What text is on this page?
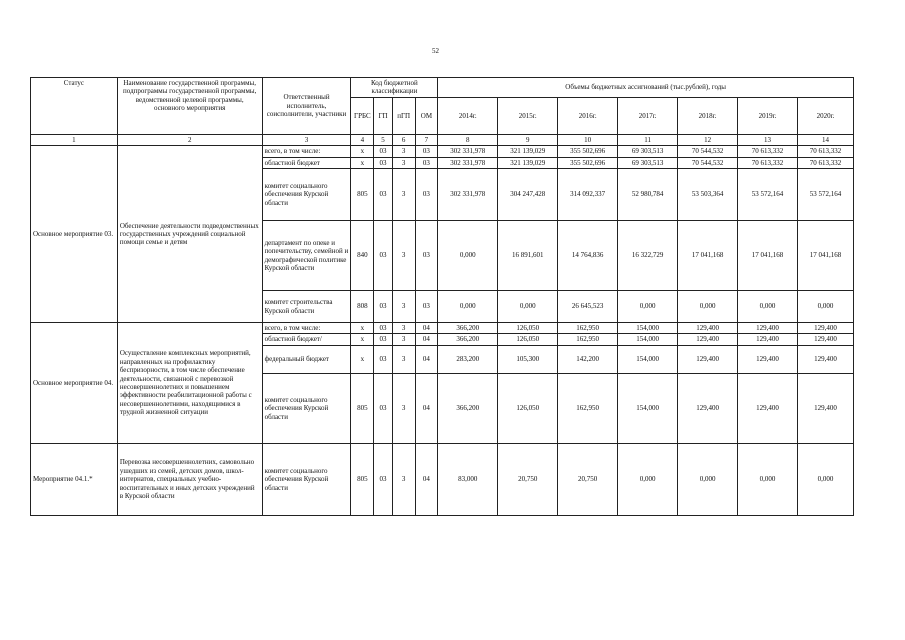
52
Статус	Наименование государственной программы, подпрограммы государственной программы, ведомственной целевой программы, основного мероприятия	Ответственный исполнитель, соисполнители, участники	Код бюджетной классификации				Объемы бюджетных ассигнований (тыс.рублей), годы						
			ГРБС	ГП	пГП	ОМ	2014г.	2015г.	2016г.	2017г.	2018г.	2019г.	2020г.
1	2	3	4	5	6	7	8	9	10	11	12	13	14
Основное мероприятие 03.	Обеспечение деятельности подведомственных государственных учреждений социальной помощи семье и детям	всего, в том числе:	х	03	3	03	302 331,978	321 139,029	355 502,696	69 303,513	70 544,532	70 613,332	70 613,332
		областной бюджет	х	03	3	03	302 331,978	321 139,029	355 502,696	69 303,513	70 544,532	70 613,332	70 613,332
		комитет социального обеспечения Курской области	805	03	3	03	302 331,978	304 247,428	314 092,337	52 980,784	53 503,364	53 572,164	53 572,164
		департамент по опеке и попечительству, семейной и демографической политике Курской области	840	03	3	03	0,000	16 891,601	14 764,836	16 322,729	17 041,168	17 041,168	17 041,168
		комитет строительства Курской области	808	03	3	03	0,000	0,000	26 645,523	0,000	0,000	0,000	0,000
Основное мероприятие 04.	Осуществление комплексных мероприятий, направленных на профилактику беспризорности, в том числе обеспечение деятельности, связанной с перевозкой несовершеннолетних и повышением эффективности реабилитационной работы с несовершеннолетними, находящимися в трудной жизненной ситуации	всего, в том числе:	х	03	3	04	366,200	126,050	162,950	154,000	129,400	129,400	129,400
		областной бюджет/	х	03	3	04	366,200	126,050	162,950	154,000	129,400	129,400	129,400
		федеральный бюджет	х	03	3	04	283,200	105,300	142,200	154,000	129,400	129,400	129,400
		комитет социального обеспечения Курской области	805	03	3	04	366,200	126,050	162,950	154,000	129,400	129,400	129,400
Мероприятие 04.1.*	Перевозка несовершеннолетних, самовольно ушедших из семей, детских домов, школ-интернатов, специальных учебно-воспитательных и иных детских учреждений в Курской области	комитет социального обеспечения Курской области	805	03	3	04	83,000	20,750	20,750	0,000	0,000	0,000	0,000
